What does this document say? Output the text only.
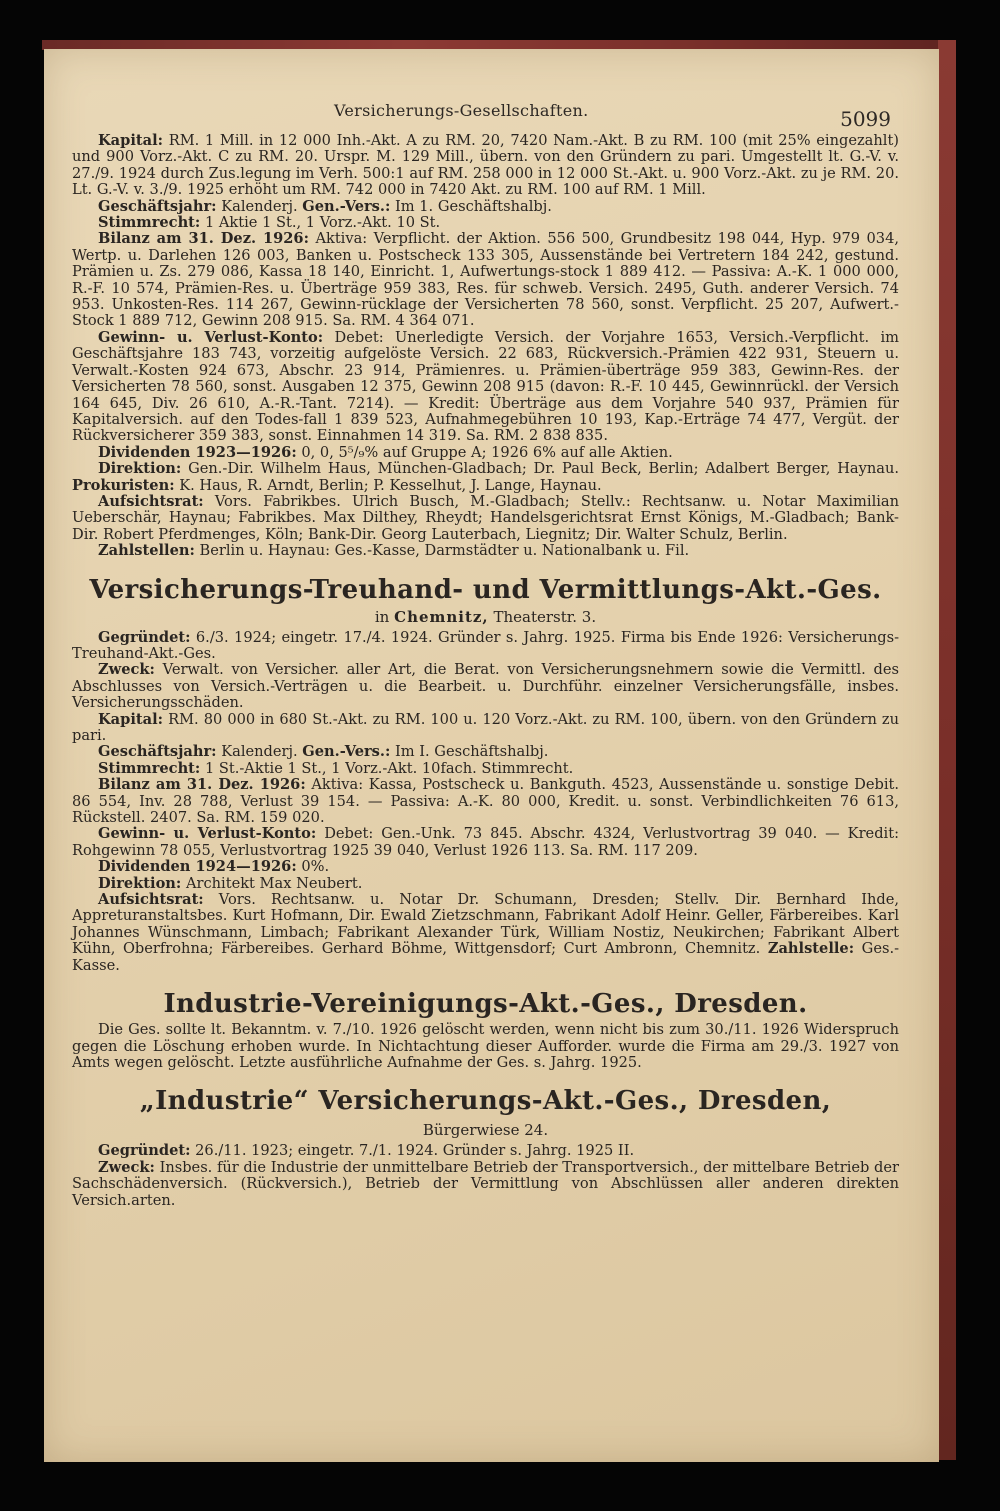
Versicherungs-Gesellschaften.	5099

Kapital: RM. 1 Mill. in 12 000 Inh.-Akt. A zu RM. 20, 7420 Nam.-Akt. B zu RM. 100 (mit 25% eingezahlt) und 900 Vorz.-Akt. C zu RM. 20. Urspr. M. 129 Mill., übern. von den Gründern zu pari. Umgestellt lt. G.-V. v. 27./9. 1924 durch Zus.legung im Verh. 500:1 auf RM. 258 000 in 12 000 St.-Akt. u. 900 Vorz.-Akt. zu je RM. 20. Lt. G.-V. v. 3./9. 1925 erhöht um RM. 742 000 in 7420 Akt. zu RM. 100 auf RM. 1 Mill.

Geschäftsjahr: Kalenderj. Gen.-Vers.: Im 1. Geschäftshalbj.

Stimmrecht: 1 Aktie 1 St., 1 Vorz.-Akt. 10 St.

Bilanz am 31. Dez. 1926: Aktiva: Verpflicht. der Aktion. 556 500, Grundbesitz 198 044, Hyp. 979 034, Wertp. u. Darlehen 126 003, Banken u. Postscheck 133 305, Aussenstände bei Vertretern 184 242, gestund. Prämien u. Zs. 279 086, Kassa 18 140, Einricht. 1, Aufwertungs-stock 1 889 412. — Passiva: A.-K. 1 000 000, R.-F. 10 574, Prämien-Res. u. Überträge 959 383, Res. für schweb. Versich. 2495, Guth. anderer Versich. 74 953. Unkosten-Res. 114 267, Gewinn-rücklage der Versicherten 78 560, sonst. Verpflicht. 25 207, Aufwert.-Stock 1 889 712, Gewinn 208 915. Sa. RM. 4 364 071.

Gewinn- u. Verlust-Konto: Debet: Unerledigte Versich. der Vorjahre 1653, Versich.-Verpflicht. im Geschäftsjahre 183 743, vorzeitig aufgelöste Versich. 22 683, Rückversich.-Prämien 422 931, Steuern u. Verwalt.-Kosten 924 673, Abschr. 23 914, Prämienres. u. Prämien-überträge 959 383, Gewinn-Res. der Versicherten 78 560, sonst. Ausgaben 12 375, Gewinn 208 915 (davon: R.-F. 10 445, Gewinnrückl. der Versich 164 645, Div. 26 610, A.-R.-Tant. 7214). — Kredit: Überträge aus dem Vorjahre 540 937, Prämien für Kapitalversich. auf den Todes-fall 1 839 523, Aufnahmegebühren 10 193, Kap.-Erträge 74 477, Vergüt. der Rückversicherer 359 383, sonst. Einnahmen 14 319. Sa. RM. 2 838 835.

Dividenden 1923—1926: 0, 0, 5⁵/₉% auf Gruppe A; 1926 6% auf alle Aktien.

Direktion: Gen.-Dir. Wilhelm Haus, München-Gladbach; Dr. Paul Beck, Berlin; Adalbert Berger, Haynau. Prokuristen: K. Haus, R. Arndt, Berlin; P. Kesselhut, J. Lange, Haynau.

Aufsichtsrat: Vors. Fabrikbes. Ulrich Busch, M.-Gladbach; Stellv.: Rechtsanw. u. Notar Maximilian Ueberschär, Haynau; Fabrikbes. Max Dilthey, Rheydt; Handelsgerichtsrat Ernst Königs, M.-Gladbach; Bank-Dir. Robert Pferdmenges, Köln; Bank-Dir. Georg Lauterbach, Liegnitz; Dir. Walter Schulz, Berlin.

Zahlstellen: Berlin u. Haynau: Ges.-Kasse, Darmstädter u. Nationalbank u. Fil.

Versicherungs-Treuhand- und Vermittlungs-Akt.-Ges.
in Chemnitz, Theaterstr. 3.

Gegründet: 6./3. 1924; eingetr. 17./4. 1924. Gründer s. Jahrg. 1925. Firma bis Ende 1926: Versicherungs-Treuhand-Akt.-Ges.

Zweck: Verwalt. von Versicher. aller Art, die Berat. von Versicherungsnehmern sowie die Vermittl. des Abschlusses von Versich.-Verträgen u. die Bearbeit. u. Durchführ. einzelner Versicherungsfälle, insbes. Versicherungsschäden.

Kapital: RM. 80 000 in 680 St.-Akt. zu RM. 100 u. 120 Vorz.-Akt. zu RM. 100, übern. von den Gründern zu pari.

Geschäftsjahr: Kalenderj. Gen.-Vers.: Im I. Geschäftshalbj.

Stimmrecht: 1 St.-Aktie 1 St., 1 Vorz.-Akt. 10fach. Stimmrecht.

Bilanz am 31. Dez. 1926: Aktiva: Kassa, Postscheck u. Bankguth. 4523, Aussenstände u. sonstige Debit. 86 554, Inv. 28 788, Verlust 39 154. — Passiva: A.-K. 80 000, Kredit. u. sonst. Verbindlichkeiten 76 613, Rückstell. 2407. Sa. RM. 159 020.

Gewinn- u. Verlust-Konto: Debet: Gen.-Unk. 73 845. Abschr. 4324, Verlustvortrag 39 040. — Kredit: Rohgewinn 78 055, Verlustvortrag 1925 39 040, Verlust 1926 113. Sa. RM. 117 209.

Dividenden 1924—1926: 0%.

Direktion: Architekt Max Neubert.

Aufsichtsrat: Vors. Rechtsanw. u. Notar Dr. Schumann, Dresden; Stellv. Dir. Bernhard Ihde, Appreturanstaltsbes. Kurt Hofmann, Dir. Ewald Zietzschmann, Fabrikant Adolf Heinr. Geller, Färbereibes. Karl Johannes Wünschmann, Limbach; Fabrikant Alexander Türk, William Nostiz, Neukirchen; Fabrikant Albert Kühn, Oberfrohna; Färbereibes. Gerhard Böhme, Wittgensdorf; Curt Ambronn, Chemnitz. Zahlstelle: Ges.-Kasse.

Industrie-Vereinigungs-Akt.-Ges., Dresden.

Die Ges. sollte lt. Bekanntm. v. 7./10. 1926 gelöscht werden, wenn nicht bis zum 30./11. 1926 Widerspruch gegen die Löschung erhoben wurde. In Nichtachtung dieser Aufforder. wurde die Firma am 29./3. 1927 von Amts wegen gelöscht. Letzte ausführliche Aufnahme der Ges. s. Jahrg. 1925.

„Industrie“ Versicherungs-Akt.-Ges., Dresden,
Bürgerwiese 24.

Gegründet: 26./11. 1923; eingetr. 7./1. 1924. Gründer s. Jahrg. 1925 II.

Zweck: Insbes. für die Industrie der unmittelbare Betrieb der Transportversich., der mittelbare Betrieb der Sachschädenversich. (Rückversich.), Betrieb der Vermittlung von Abschlüssen aller anderen direkten Versich.arten.
